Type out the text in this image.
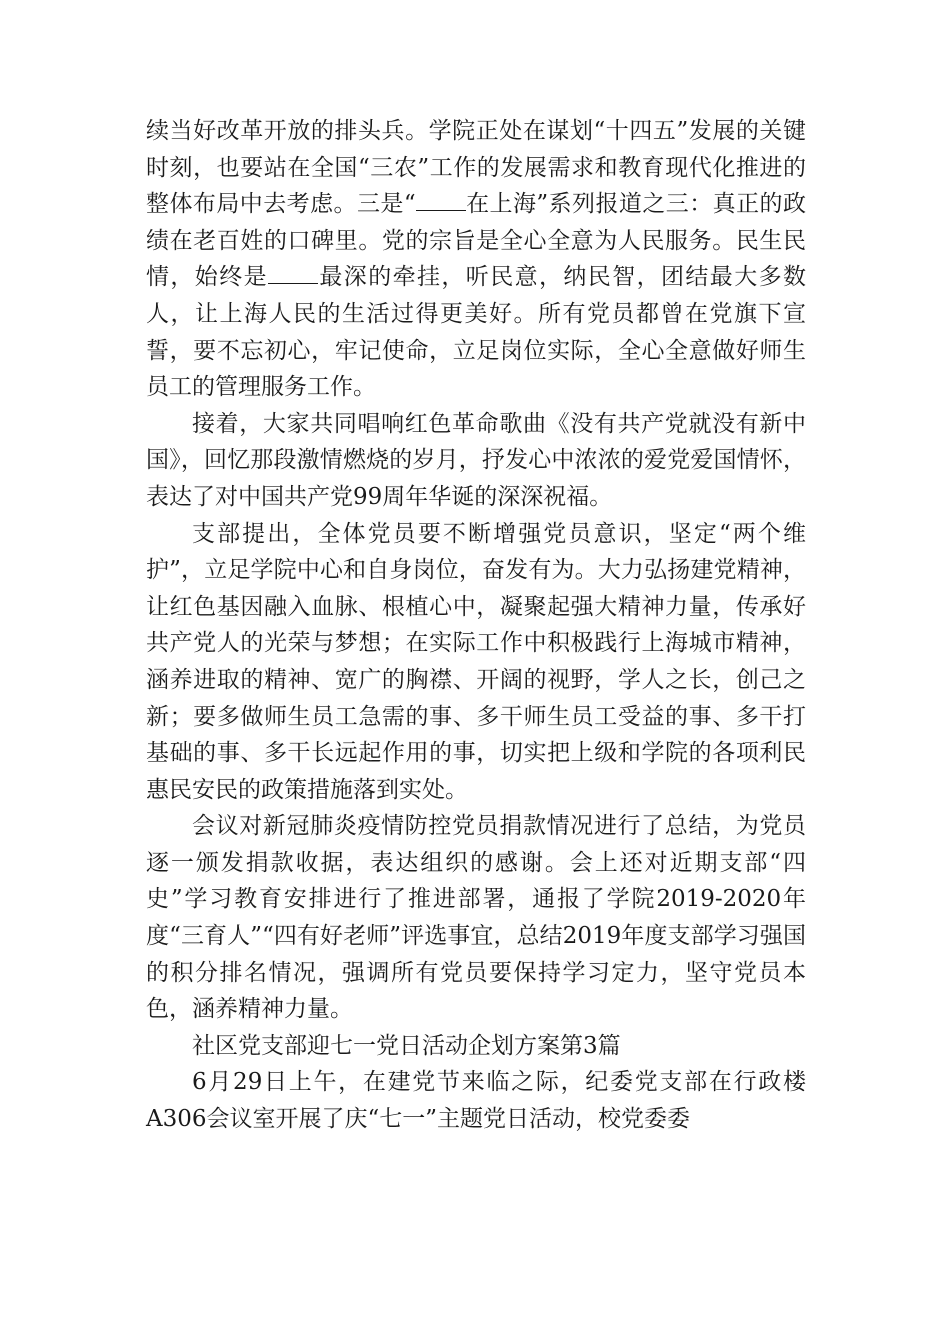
续当好改革开放的排头兵。学院正处在谋划“十四五”发展的关键时刻，也要站在全国“三农”工作的发展需求和教育现代化推进的整体布局中去考虑。三是“ 在上海”系列报道之三：真正的政绩在老百姓的口碑里。党的宗旨是全心全意为人民服务。民生民情，始终是 最深的牵挂，听民意，纳民智，团结最大多数人，让上海人民的生活过得更美好。所有党员都曾在党旗下宣誓，要不忘初心，牢记使命，立足岗位实际，全心全意做好师生员工的管理服务工作。

接着，大家共同唱响红色革命歌曲《没有共产党就没有新中国》，回忆那段激情燃烧的岁月，抒发心中浓浓的爱党爱国情怀，表达了对中国共产党99周年华诞的深深祝福。

支部提出，全体党员要不断增强党员意识，坚定“两个维护”，立足学院中心和自身岗位，奋发有为。大力弘扬建党精神，让红色基因融入血脉、根植心中，凝聚起强大精神力量，传承好共产党人的光荣与梦想；在实际工作中积极践行上海城市精神，涵养进取的精神、宽广的胸襟、开阔的视野，学人之长，创己之新；要多做师生员工急需的事、多干师生员工受益的事、多干打基础的事、多干长远起作用的事，切实把上级和学院的各项利民惠民安民的政策措施落到实处。

会议对新冠肺炎疫情防控党员捐款情况进行了总结，为党员逐一颁发捐款收据，表达组织的感谢。会上还对近期支部“四史”学习教育安排进行了推进部署，通报了学院2019-2020年度“三育人”“四有好老师”评选事宜，总结2019年度支部学习强国的积分排名情况，强调所有党员要保持学习定力，坚守党员本色，涵养精神力量。

社区党支部迎七一党日活动企划方案第3篇

6月29日上午，在建党节来临之际，纪委党支部在行政楼A306会议室开展了庆“七一”主题党日活动，校党委委
